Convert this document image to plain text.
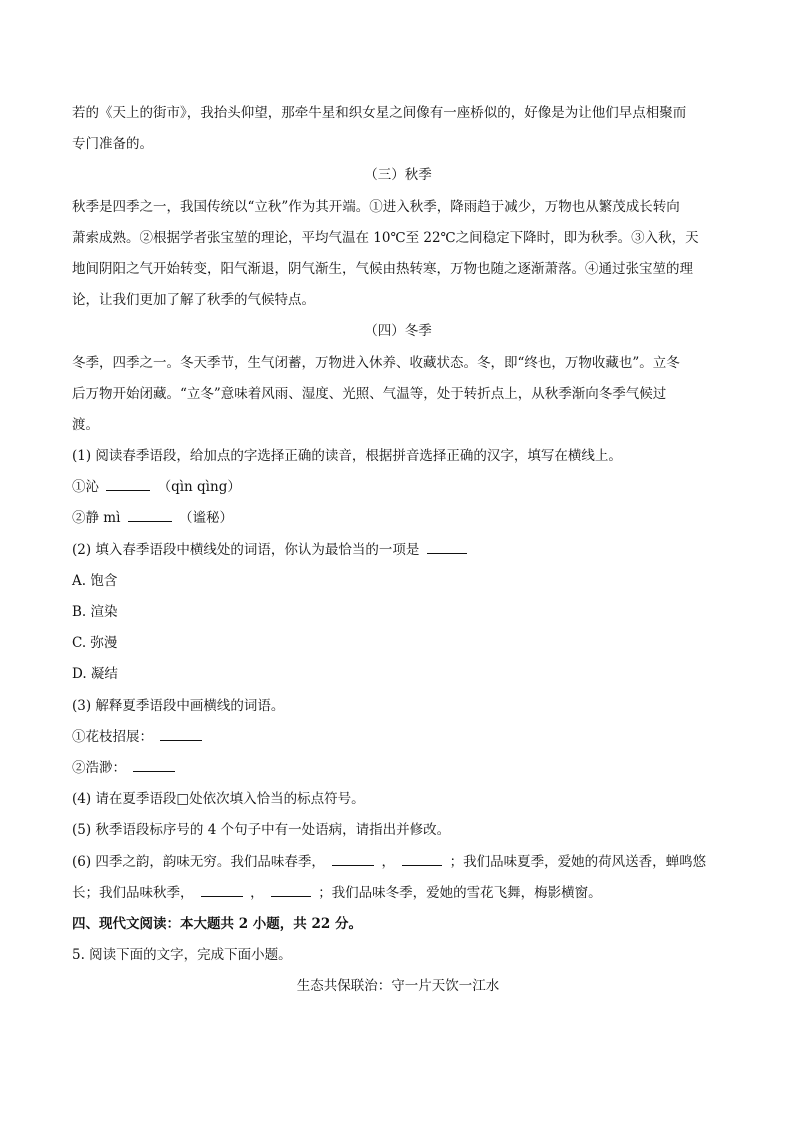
若的《天上的街市》，我抬头仰望，那牵牛星和织女星之间像有一座桥似的，好像是为让他们早点相聚而
专门准备的。
（三）秋季
秋季是四季之一，我国传统以“立秋”作为其开端。①进入秋季，降雨趋于减少，万物也从繁茂成长转向
萧索成熟。②根据学者张宝堃的理论，平均气温在 10℃至 22℃之间稳定下降时，即为秋季。③入秋，天
地间阴阳之气开始转变，阳气渐退，阴气渐生，气候由热转寒，万物也随之逐渐萧落。④通过张宝堃的理
论，让我们更加了解了秋季的气候特点。
（四）冬季
冬季，四季之一。冬天季节，生气闭蓄，万物进入休养、收藏状态。冬，即“终也，万物收藏也”。立冬
后万物开始闭藏。“立冬”意味着风雨、湿度、光照、气温等，处于转折点上，从秋季渐向冬季气候过
渡。
(1) 阅读春季语段，给加点的字选择正确的读音，根据拼音选择正确的汉字，填写在横线上。
①沁	（qìn qìng）
②静 mì	（谧秘）
(2) 填入春季语段中横线处的词语，你认为最恰当的一项是
A. 饱含
B. 渲染
C. 弥漫
D. 凝结
(3) 解释夏季语段中画横线的词语。
①花枝招展：
②浩渺：
(4) 请在夏季语段□处依次填入恰当的标点符号。
(5) 秋季语段标序号的 4 个句子中有一处语病，请指出并修改。
(6) 四季之韵，韵味无穷。我们品味春季，	，	；我们品味夏季，爱她的荷风送香，蝉鸣悠
长；我们品味秋季，	，	；我们品味冬季，爱她的雪花飞舞，梅影横窗。
四、现代文阅读：本大题共 2 小题，共 22 分。
5. 阅读下面的文字，完成下面小题。
生态共保联治：守一片天饮一江水
